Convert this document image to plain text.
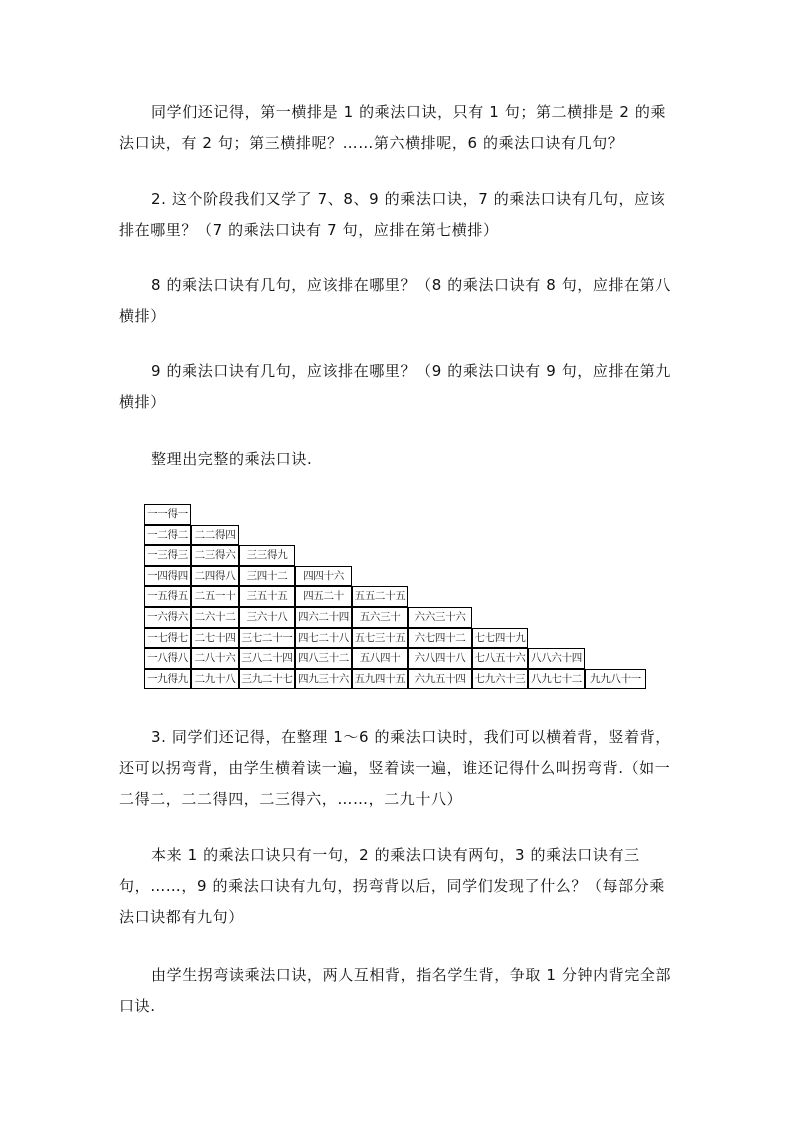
同学们还记得，第一横排是 1 的乘法口诀，只有 1 句；第二横排是 2 的乘法口诀，有 2 句；第三横排呢？……第六横排呢，6 的乘法口诀有几句？

2. 这个阶段我们又学了 7、8、9 的乘法口诀，7 的乘法口诀有几句，应该排在哪里？（7 的乘法口诀有 7 句，应排在第七横排）

8 的乘法口诀有几句，应该排在哪里？（8 的乘法口诀有 8 句，应排在第八横排）

9 的乘法口诀有几句，应该排在哪里？（9 的乘法口诀有 9 句，应排在第九横排）

整理出完整的乘法口诀.

一一得一
一二得二 二二得四
一三得三 二三得六	三三得九
一四得四 二四得八	三四十二	四四十六
一五得五 二五一十	三五十五	四五二十	五五二十五
一六得六 二六十二	三六十八	四六二十四	五六三十	六六三十六
一七得七 二七十四 三七二十一 四七二十八 五七三十五 六七四十二 七七四十九
一八得八 二八十六 三八二十四 四八三十二	五八四十	六八四十八 七八五十六 八八六十四
一九得九 二九十八 三九二十七 四九三十六 五九四十五 六九五十四 七九六十三 八九七十二 九九八十一

3. 同学们还记得，在整理 1～6 的乘法口诀时，我们可以横着背，竖着背，还可以拐弯背，由学生横着读一遍，竖着读一遍，谁还记得什么叫拐弯背.（如一二得二，二二得四，二三得六，……，二九十八）

本来 1 的乘法口诀只有一句，2 的乘法口诀有两句，3 的乘法口诀有三句，……，9 的乘法口诀有九句，拐弯背以后，同学们发现了什么？（每部分乘法口诀都有九句）

由学生拐弯读乘法口诀，两人互相背，指名学生背，争取 1 分钟内背完全部口诀.
